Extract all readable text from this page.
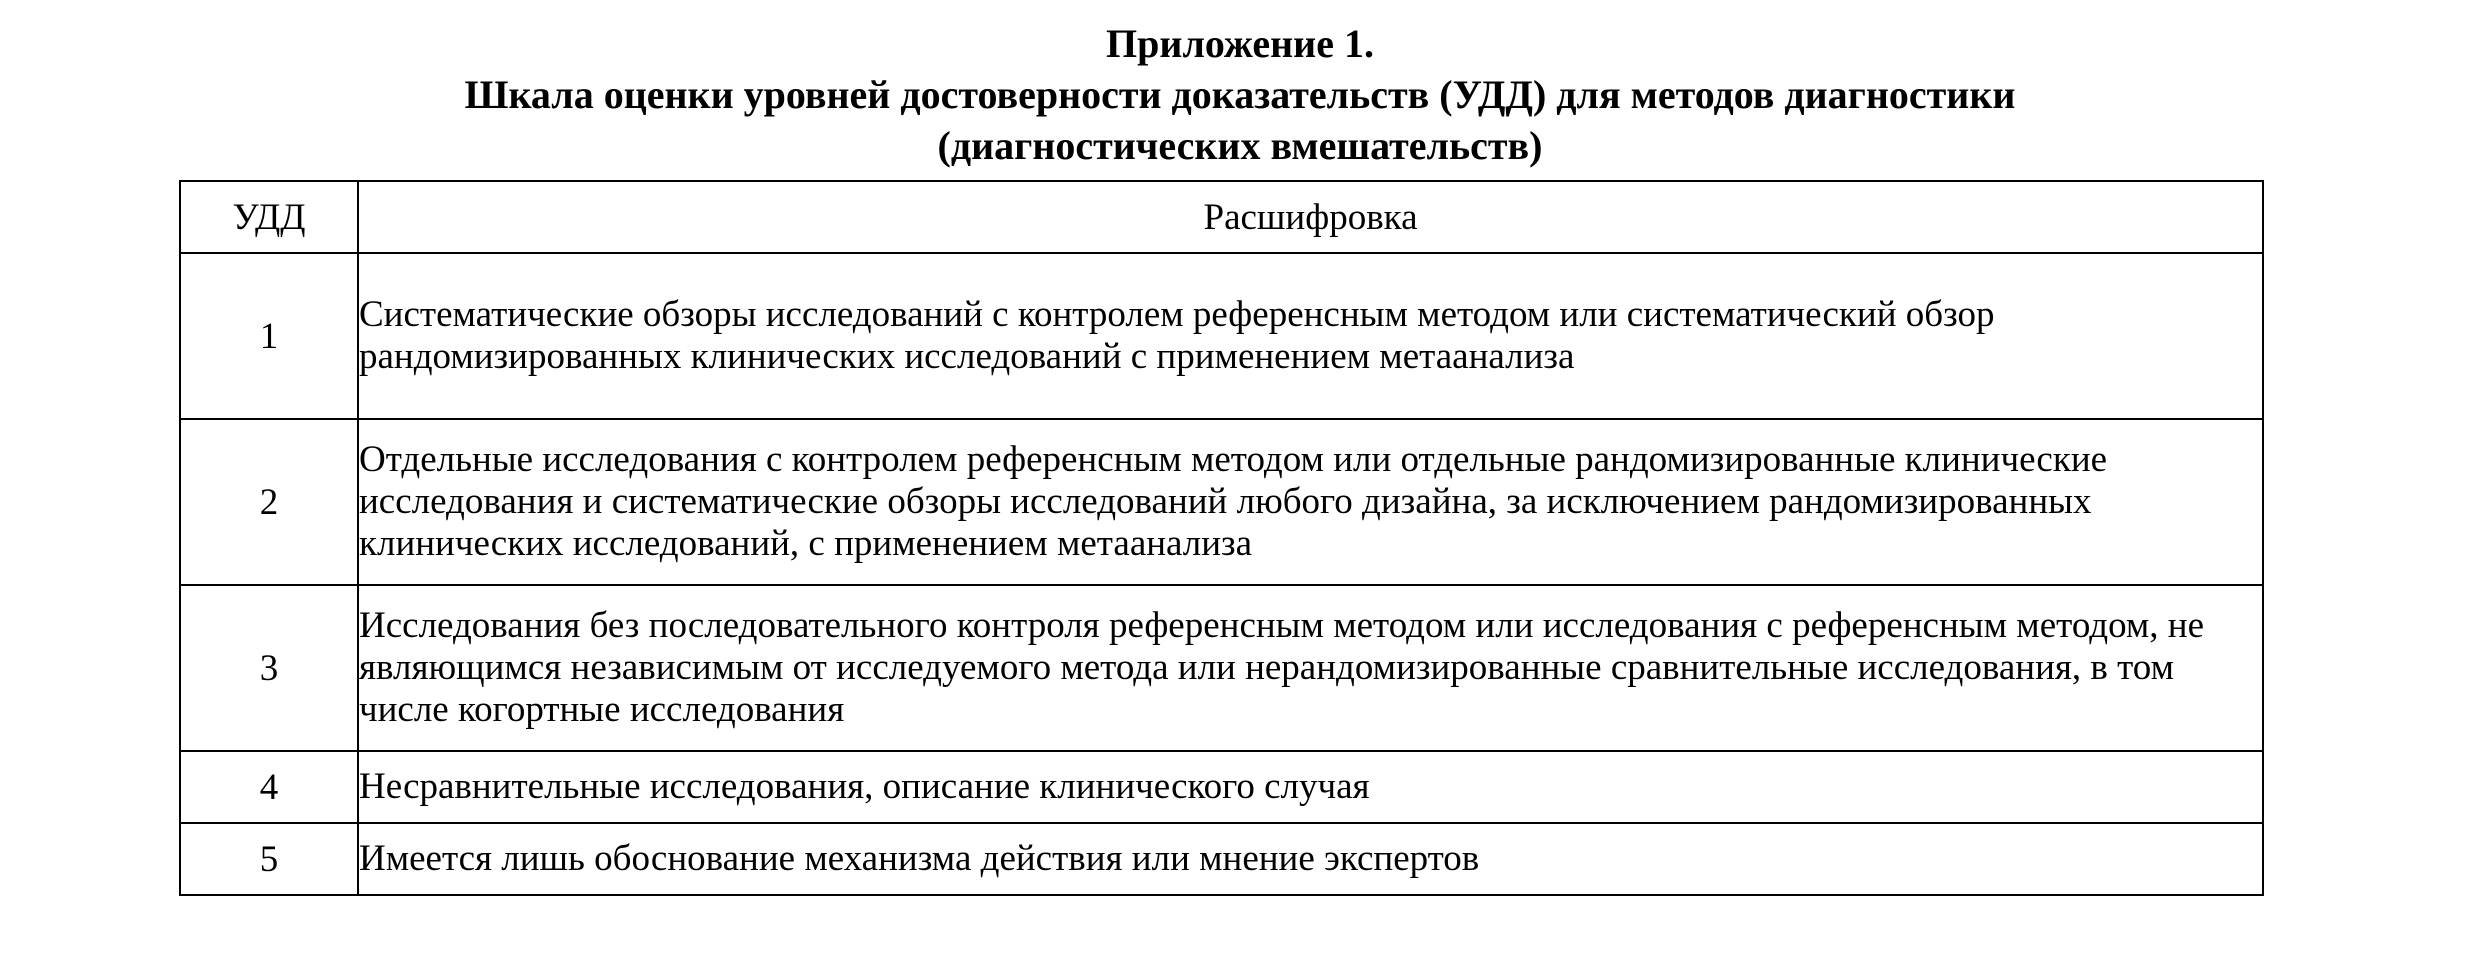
Приложение 1.
Шкала оценки уровней достоверности доказательств (УДД) для методов диагностики
(диагностических вмешательств)
УДД	Расшифровка
1	Систематические обзоры исследований с контролем референсным методом или систематический обзор рандомизированных клинических исследований с применением метаанализа
2	Отдельные исследования с контролем референсным методом или отдельные рандомизированные клинические исследования и систематические обзоры исследований любого дизайна, за исключением рандомизированных клинических исследований, с применением метаанализа
3	Исследования без последовательного контроля референсным методом или исследования с референсным методом, не являющимся независимым от исследуемого метода или нерандомизированные сравнительные исследования, в том числе когортные исследования
4	Несравнительные исследования, описание клинического случая
5	Имеется лишь обоснование механизма действия или мнение экспертов
